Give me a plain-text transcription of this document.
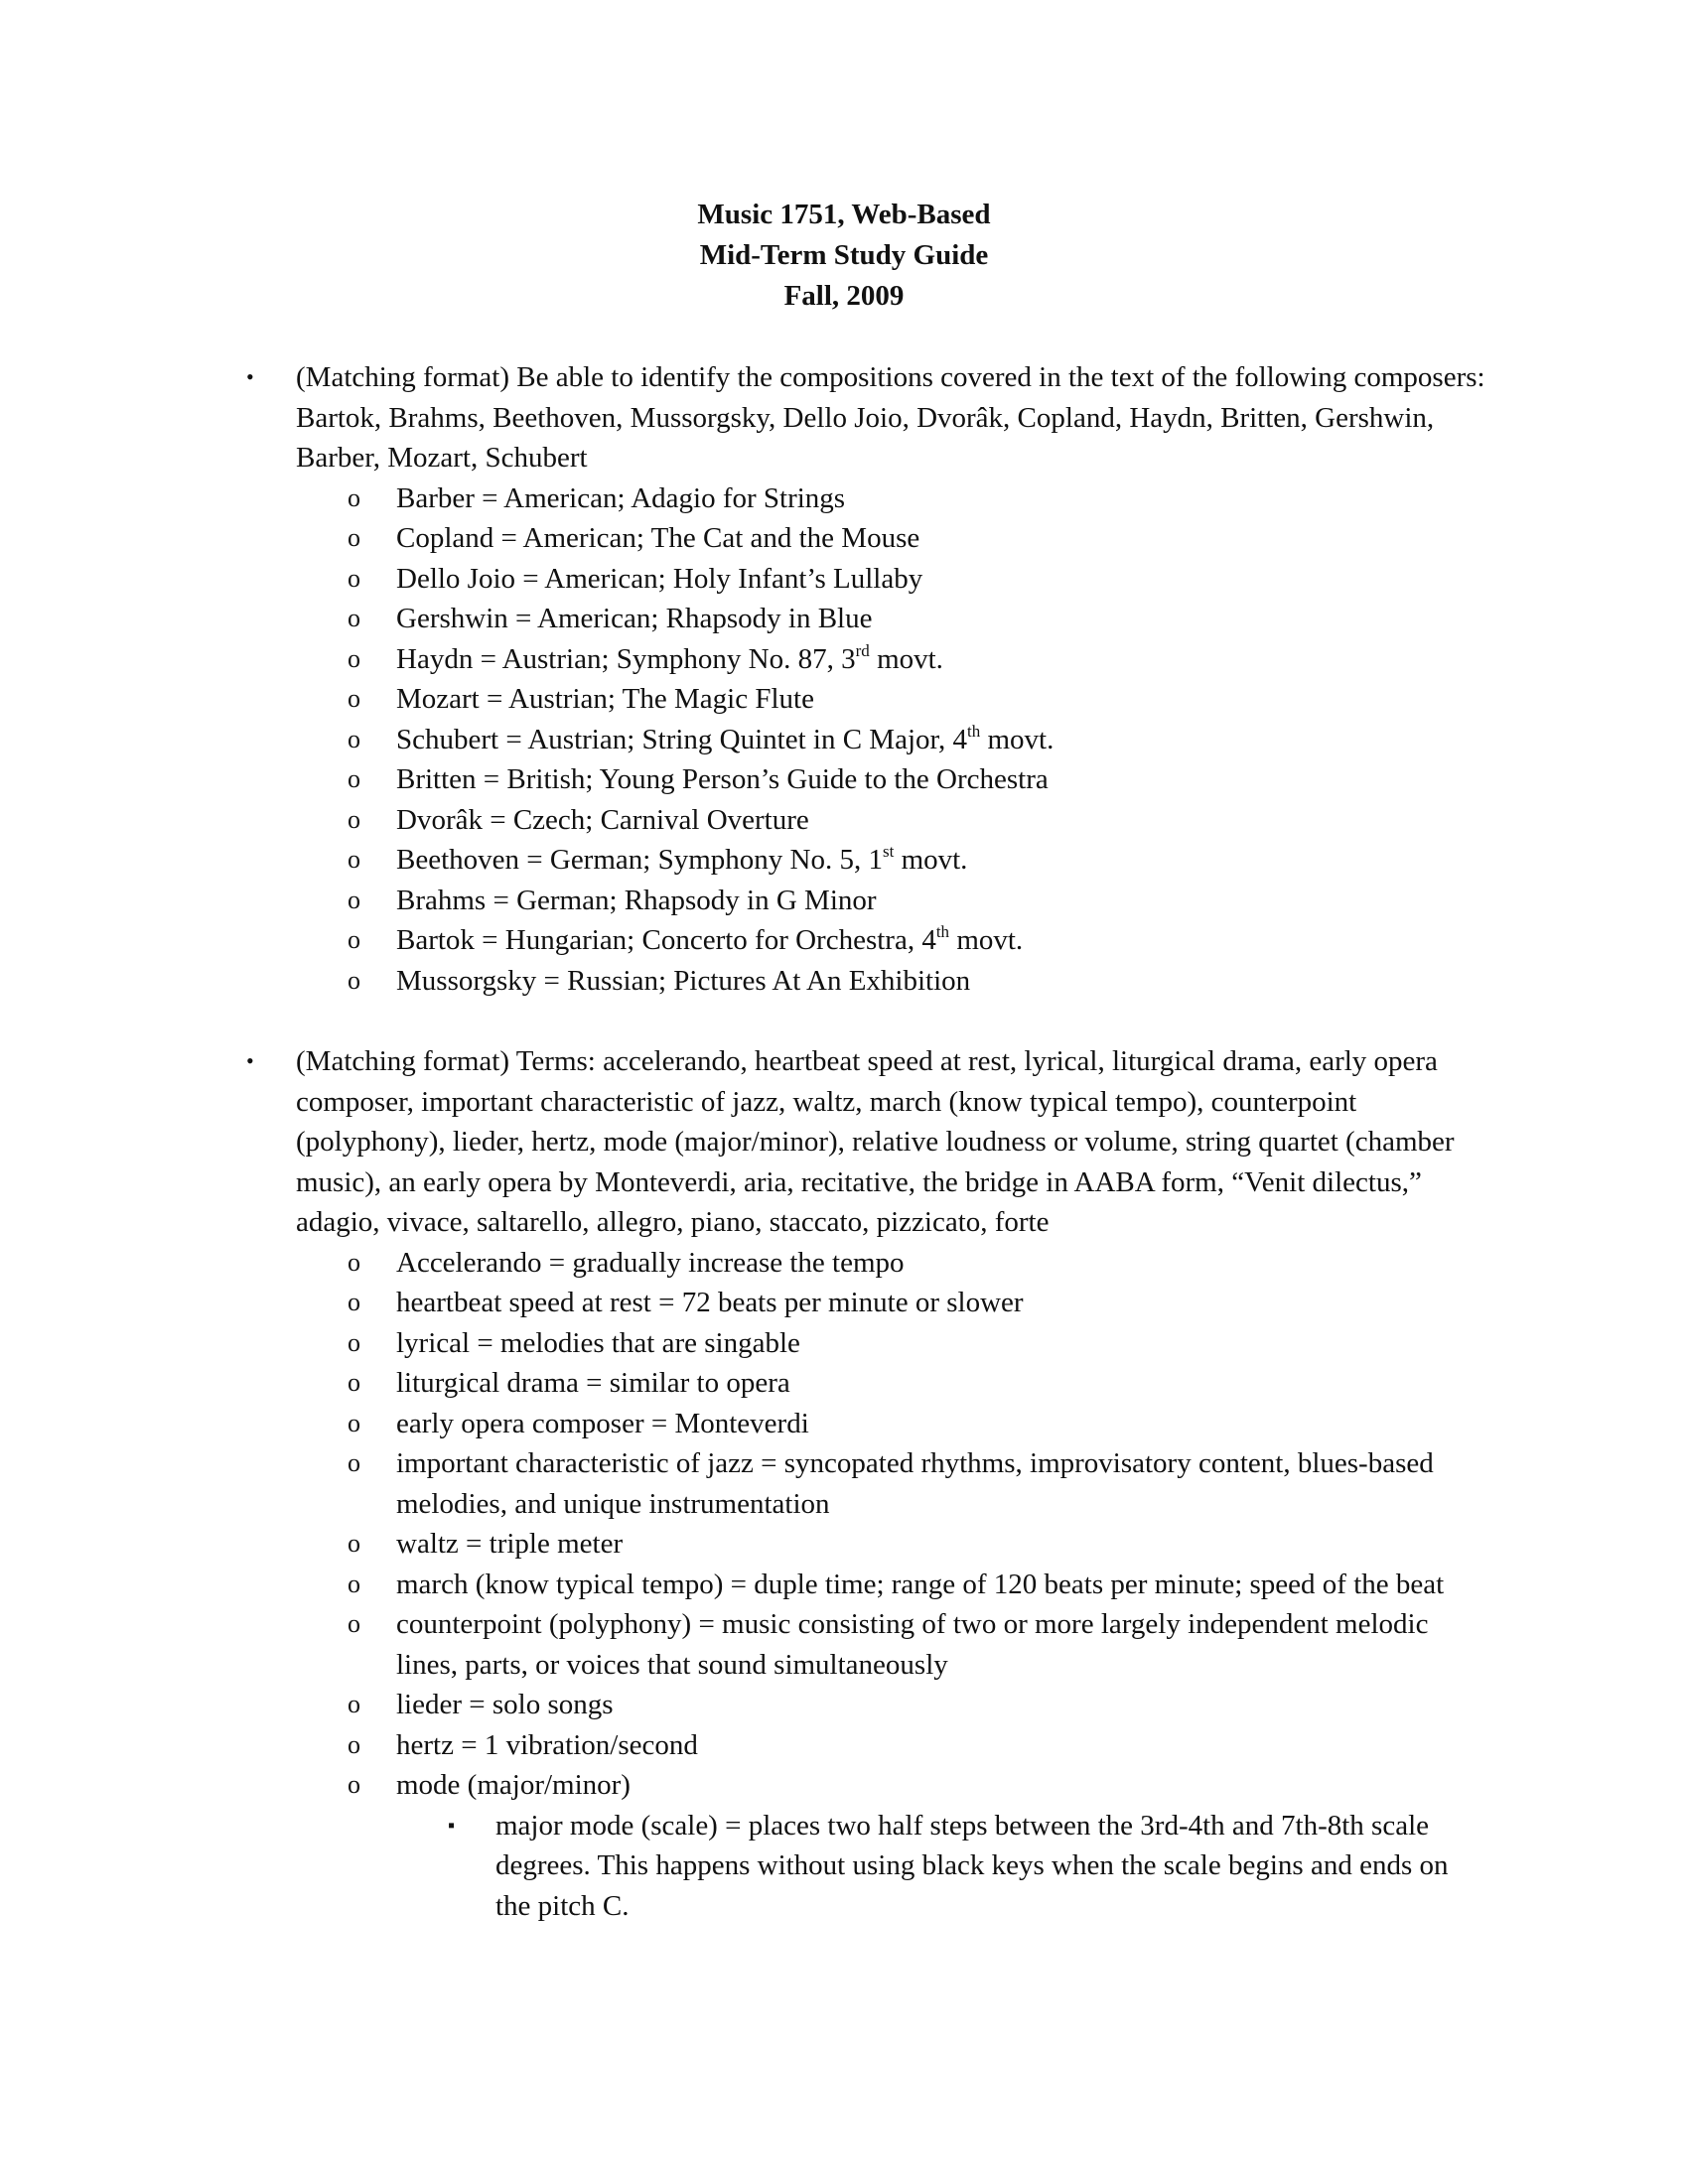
Music 1751, Web-Based
Mid-Term Study Guide
Fall, 2009
•	(Matching format) Be able to identify the compositions covered in the text of the following composers: Bartok, Brahms, Beethoven, Mussorgsky, Dello Joio, Dvorâk, Copland, Haydn, Britten, Gershwin, Barber, Mozart, Schubert
o Barber = American; Adagio for Strings
o Copland = American; The Cat and the Mouse
o Dello Joio = American; Holy Infant’s Lullaby
o Gershwin = American; Rhapsody in Blue
o Haydn = Austrian; Symphony No. 87, 3rd movt.
o Mozart = Austrian; The Magic Flute
o Schubert = Austrian; String Quintet in C Major, 4th movt.
o Britten = British; Young Person’s Guide to the Orchestra
o Dvorâk = Czech; Carnival Overture
o Beethoven = German; Symphony No. 5, 1st movt.
o Brahms = German; Rhapsody in G Minor
o Bartok = Hungarian; Concerto for Orchestra, 4th movt.
o Mussorgsky = Russian; Pictures At An Exhibition
•	(Matching format) Terms: accelerando, heartbeat speed at rest, lyrical, liturgical drama, early opera composer, important characteristic of jazz, waltz, march (know typical tempo), counterpoint (polyphony), lieder, hertz, mode (major/minor), relative loudness or volume, string quartet (chamber music), an early opera by Monteverdi, aria, recitative, the bridge in AABA form, “Venit dilectus,” adagio, vivace, saltarello, allegro, piano, staccato, pizzicato, forte
o Accelerando = gradually increase the tempo
o heartbeat speed at rest = 72 beats per minute or slower
o lyrical = melodies that are singable
o liturgical drama = similar to opera
o early opera composer = Monteverdi
o important characteristic of jazz = syncopated rhythms, improvisatory content, blues-based melodies, and unique instrumentation
o waltz = triple meter
o march (know typical tempo) = duple time; range of 120 beats per minute; speed of the beat
o counterpoint (polyphony) = music consisting of two or more largely independent melodic lines, parts, or voices that sound simultaneously
o lieder = solo songs
o hertz = 1 vibration/second
o mode (major/minor)
▪ major mode (scale) = places two half steps between the 3rd-4th and 7th-8th scale degrees. This happens without using black keys when the scale begins and ends on the pitch C.
